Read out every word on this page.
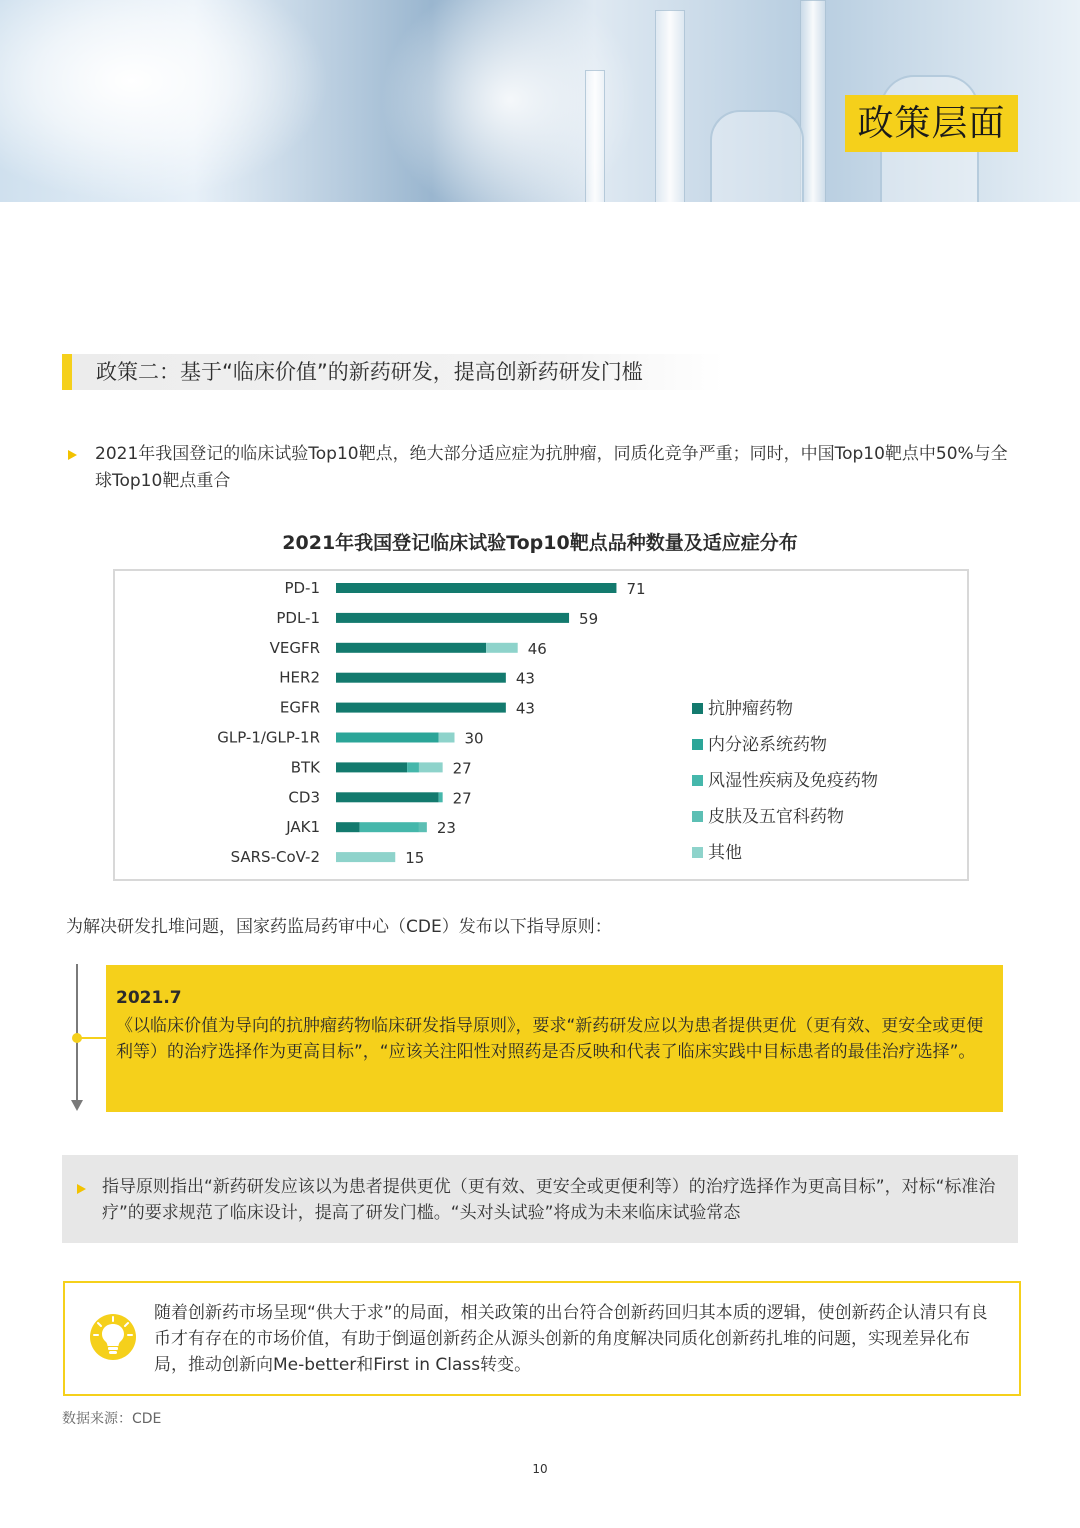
政策层面
政策二：基于“临床价值”的新药研发，提高创新药研发门槛
2021年我国登记的临床试验Top10靶点，绝大部分适应症为抗肿瘤，同质化竞争严重；同时，中国Top10靶点中50%与全球Top10靶点重合
2021年我国登记临床试验Top10靶点品种数量及适应症分布
PD-1	71
PDL-1	59
VEGFR	46
HER2	43
EGFR	43
GLP-1/GLP-1R	30
BTK	27
CD3	27
JAK1	23
SARS-CoV-2	15
抗肿瘤药物
内分泌系统药物
风湿性疾病及免疫药物
皮肤及五官科药物
其他
为解决研发扎堆问题，国家药监局药审中心（CDE）发布以下指导原则：
2021.7
《以临床价值为导向的抗肿瘤药物临床研发指导原则》，要求“新药研发应以为患者提供更优（更有效、更安全或更便利等）的治疗选择作为更高目标”，“应该关注阳性对照药是否反映和代表了临床实践中目标患者的最佳治疗选择”。
指导原则指出“新药研发应该以为患者提供更优（更有效、更安全或更便利等）的治疗选择作为更高目标”，对标“标准治疗”的要求规范了临床设计，提高了研发门槛。“头对头试验”将成为未来临床试验常态
随着创新药市场呈现“供大于求”的局面，相关政策的出台符合创新药回归其本质的逻辑，使创新药企认清只有良币才有存在的市场价值，有助于倒逼创新药企从源头创新的角度解决同质化创新药扎堆的问题，实现差异化布局，推动创新向Me-better和First in Class转变。
数据来源：CDE
10
